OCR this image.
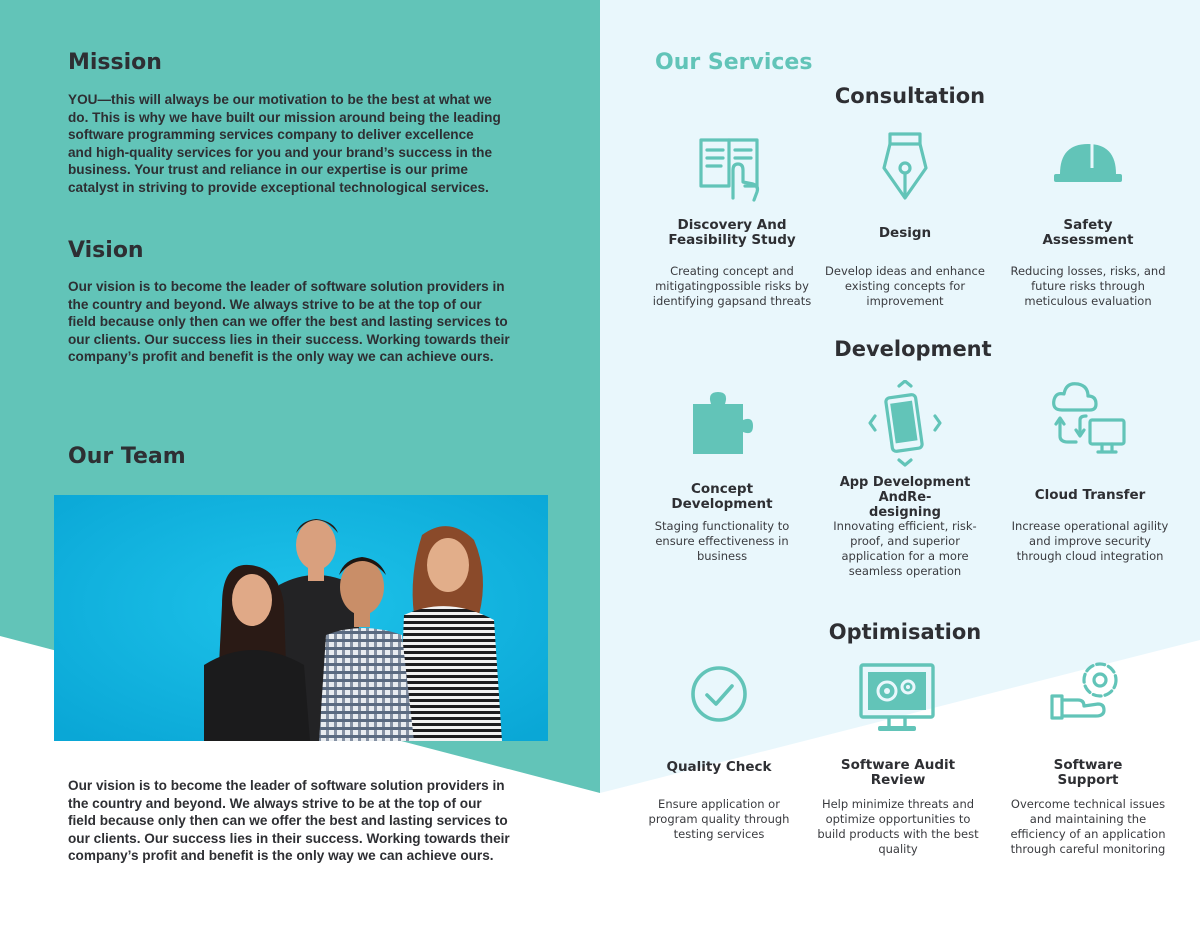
Mission
YOU—this will always be our motivation to be the best at what we
do. This is why we have built our mission around being the leading
software programming services company to deliver excellence
and high-quality services for you and your brand’s success in the
business. Your trust and reliance in our expertise is our prime
catalyst in striving to provide exceptional technological services.
Vision
Our vision is to become the leader of software solution providers in
the country and beyond. We always strive to be at the top of our
field because only then can we offer the best and lasting services to
our clients. Our success lies in their success. Working towards their
company’s profit and benefit is the only way we can achieve ours.
Our Team
Our vision is to become the leader of software solution providers in
the country and beyond. We always strive to be at the top of our
field because only then can we offer the best and lasting services to
our clients. Our success lies in their success. Working towards their
company’s profit and benefit is the only way we can achieve ours.
Our Services
Consultation
Discovery And
Feasibility Study
Creating concept and
mitigatingpossible risks by
identifying gapsand threats
Design
Develop ideas and enhance
existing concepts for
improvement
Safety
Assessment
Reducing losses, risks, and
future risks through
meticulous evaluation
Development
Concept
Development
Staging functionality to
ensure effectiveness in
business
App Development AndRe-
designing
Innovating efficient, risk-
proof, and superior
application for a more
seamless operation
Cloud Transfer
Increase operational agility
and improve security
through cloud integration
Optimisation
Quality Check
Ensure application or
program quality through
testing services
Software Audit
Review
Help minimize threats and
optimize opportunities to
build products with the best
quality
Software
Support
Overcome technical issues
and maintaining the
efficiency of an application
through careful monitoring
